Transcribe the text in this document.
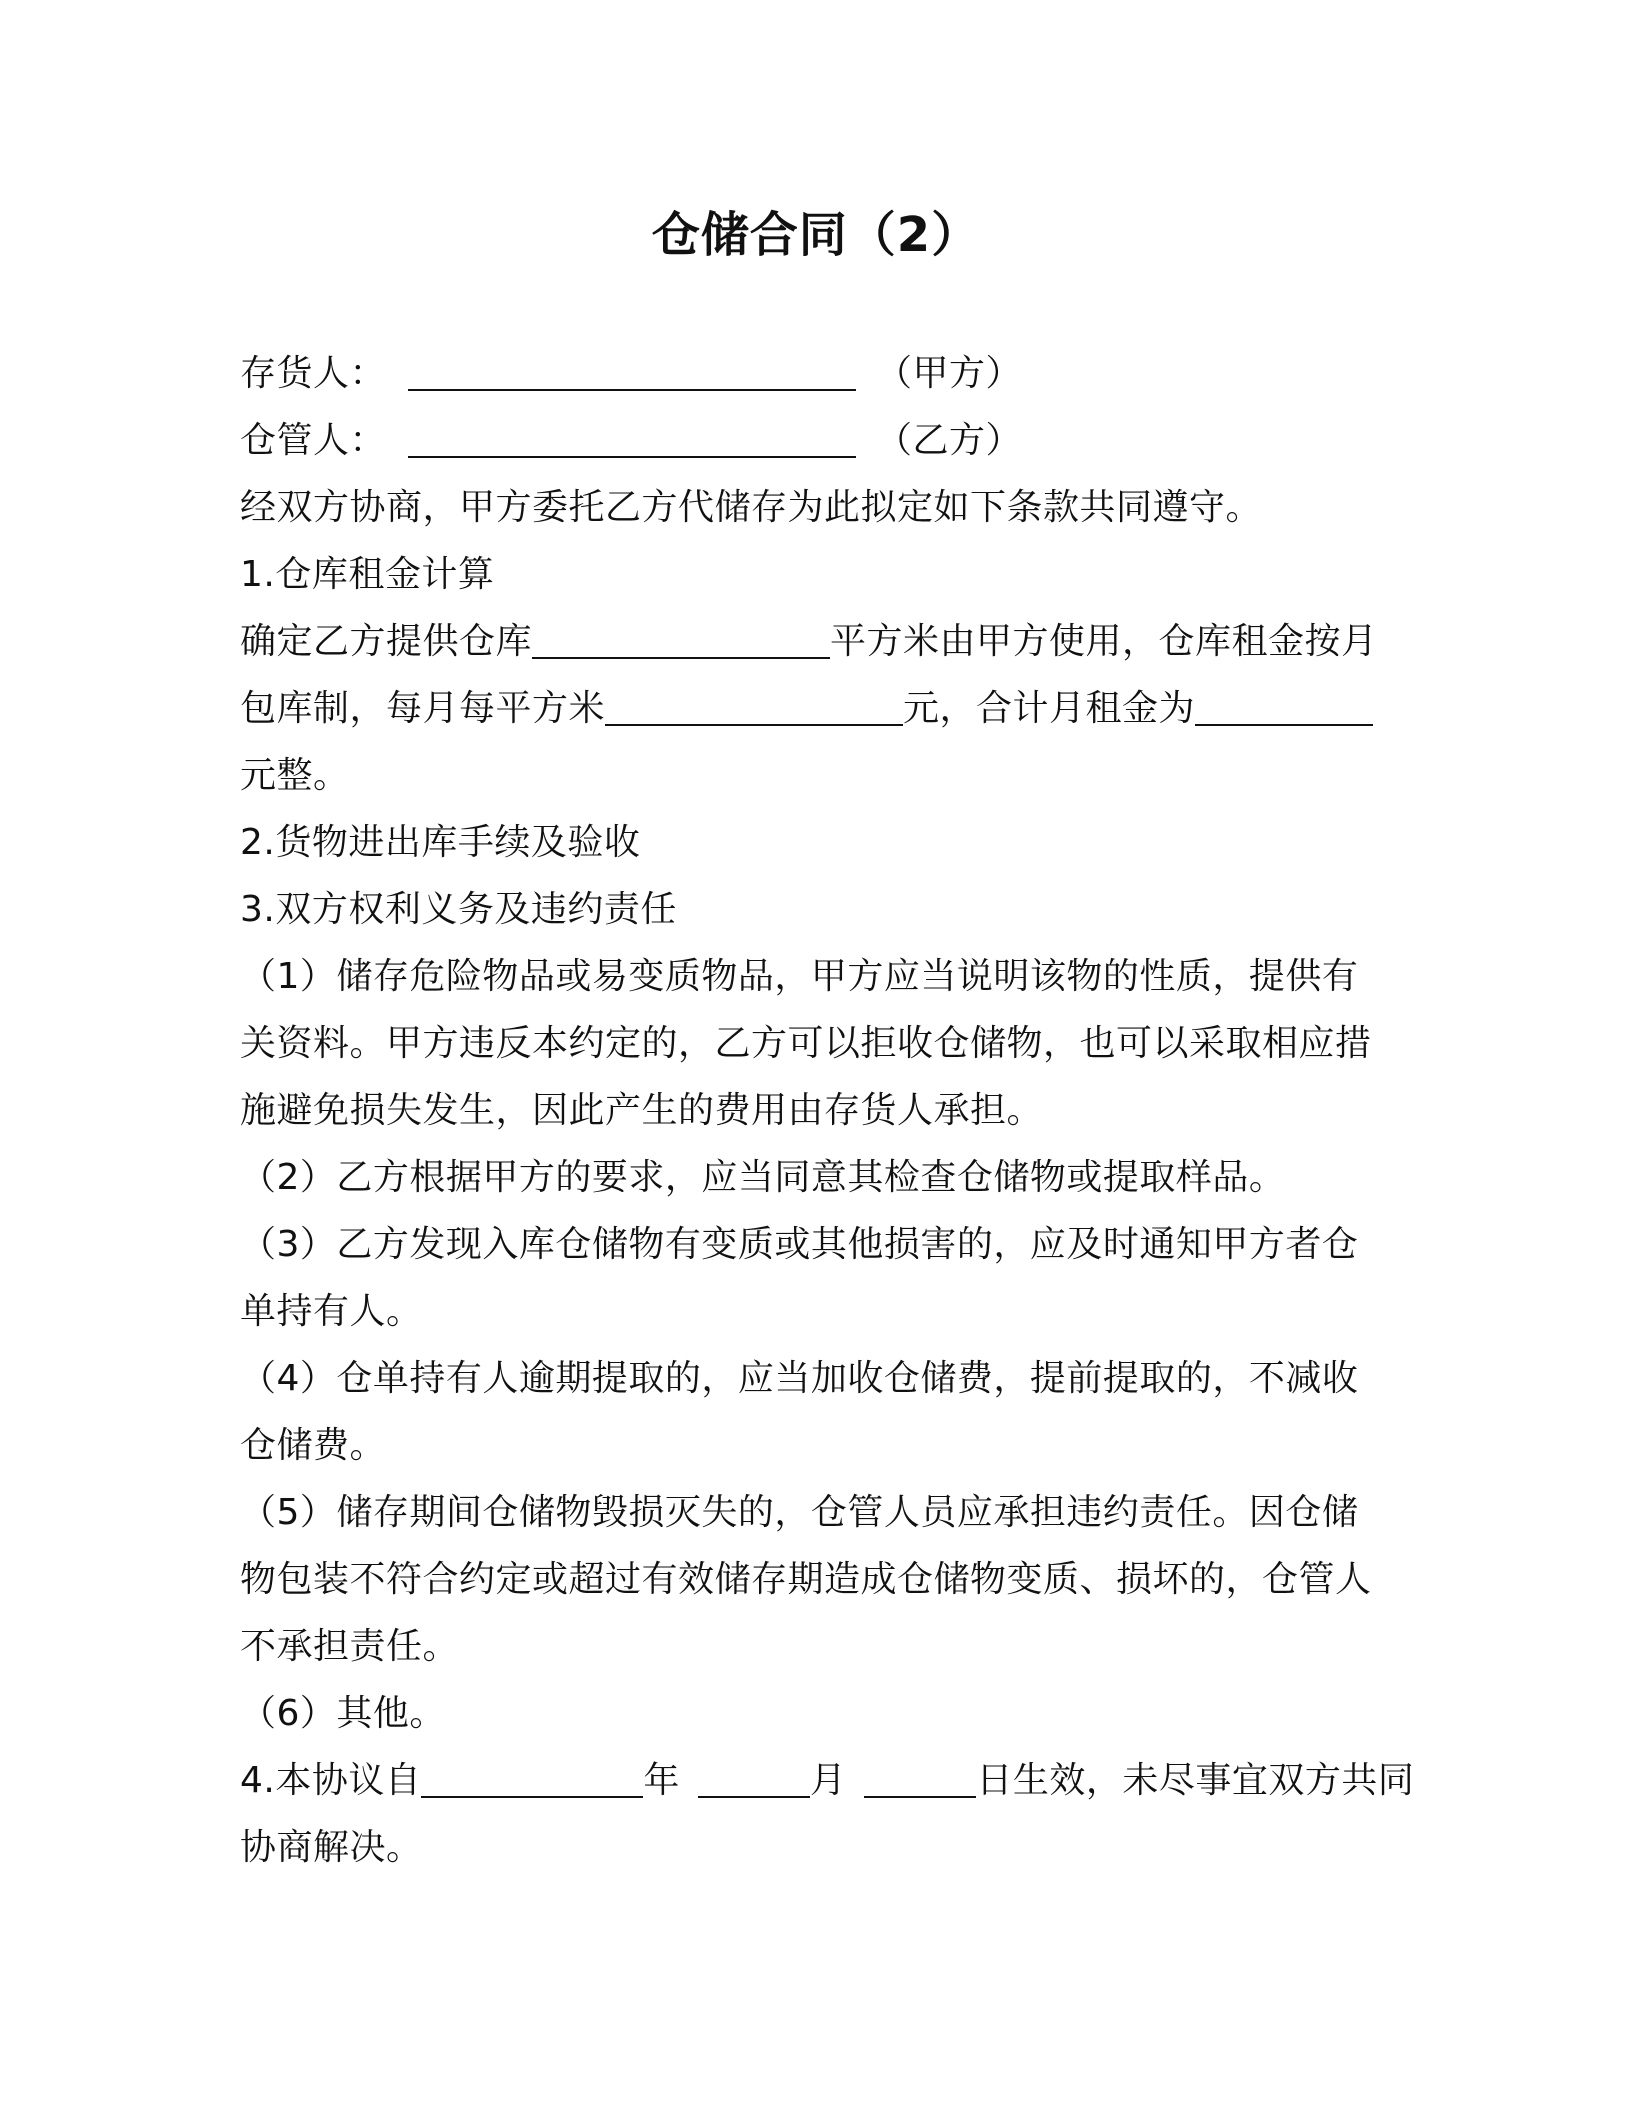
仓储合同（2）
存货人：	（甲方）
仓管人：	（乙方）
经双方协商，甲方委托乙方代储存为此拟定如下条款共同遵守。
1.仓库租金计算
确定乙方提供仓库	平方米由甲方使用，仓库租金按月
包库制，每月每平方米	元，合计月租金为
元整。
2.货物进出库手续及验收
3.双方权利义务及违约责任
（1）储存危险物品或易变质物品，甲方应当说明该物的性质，提供有
关资料。甲方违反本约定的，乙方可以拒收仓储物，也可以采取相应措
施避免损失发生，因此产生的费用由存货人承担。
（2）乙方根据甲方的要求，应当同意其检查仓储物或提取样品。
（3）乙方发现入库仓储物有变质或其他损害的，应及时通知甲方者仓
单持有人。
（4）仓单持有人逾期提取的，应当加收仓储费，提前提取的，不减收
仓储费。
（5）储存期间仓储物毁损灭失的，仓管人员应承担违约责任。因仓储
物包装不符合约定或超过有效储存期造成仓储物变质、损坏的，仓管人
不承担责任。
（6）其他。
4.本协议自	年	月	日生效，未尽事宜双方共同
协商解决。
